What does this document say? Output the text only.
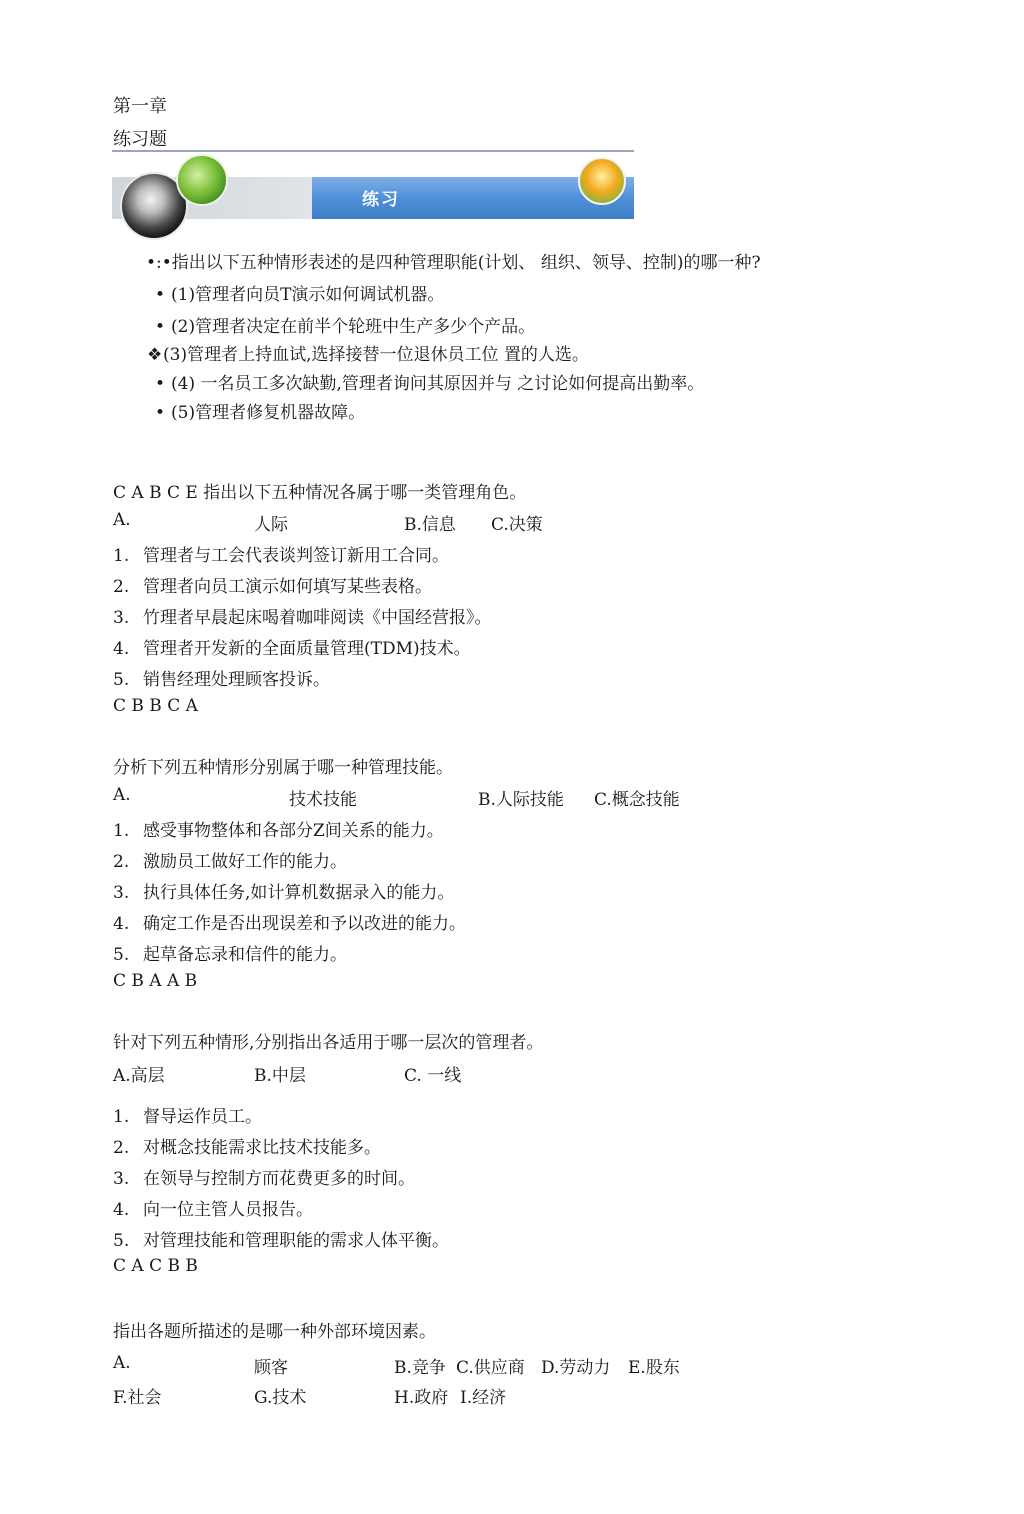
第一章
练习题
练习
•:•指出以下五种情形表述的是四种管理职能(计划、 组织、领导、控制)的哪一种?
• (1)管理者向员T演示如何调试机器。
• (2)管理者决定在前半个轮班中生产多少个产品。
❖(3)管理者上持血试,选择接替一位退休员工位 置的人选。
• (4) 一名员工多次缺勤,管理者询问其原因并与 之讨论如何提高出勤率。
• (5)管理者修复机器故障。
C A B C E 指出以下五种情况各属于哪一类管理角色。
A.	人际	B.信息 C.决策
1. 管理者与工会代表谈判签订新用工合同。
2. 管理者向员工演示如何填写某些表格。
3. 竹理者早晨起床喝着咖啡阅读《中国经营报》。
4. 管理者开发新的全面质量管理(TDM)技术。
5. 销售经理处理顾客投诉。
C B B C A
分析下列五种情形分别属于哪一种管理技能。
A.	技术技能	B.人际技能 C.概念技能
1. 感受事物整体和各部分Z间关系的能力。
2. 激励员工做好工作的能力。
3. 执行具体任务,如计算机数据录入的能力。
4. 确定工作是否出现误差和予以改进的能力。
5. 起草备忘录和信件的能力。
C B A A B
针对下列五种情形,分别指出各适用于哪一层次的管理者。
A.高层	B.中层	C. 一线
1. 督导运作员工。
2. 对概念技能需求比技术技能多。
3. 在领导与控制方而花费更多的时间。
4. 向一位主管人员报告。
5. 对管理技能和管理职能的需求人体平衡。
C A C B B
指出各题所描述的是哪一种外部环境因素。
A.	顾客	B.竞争 C.供应商 D.劳动力 E.股东
F.社会	G.技术	H.政府 I.经济
